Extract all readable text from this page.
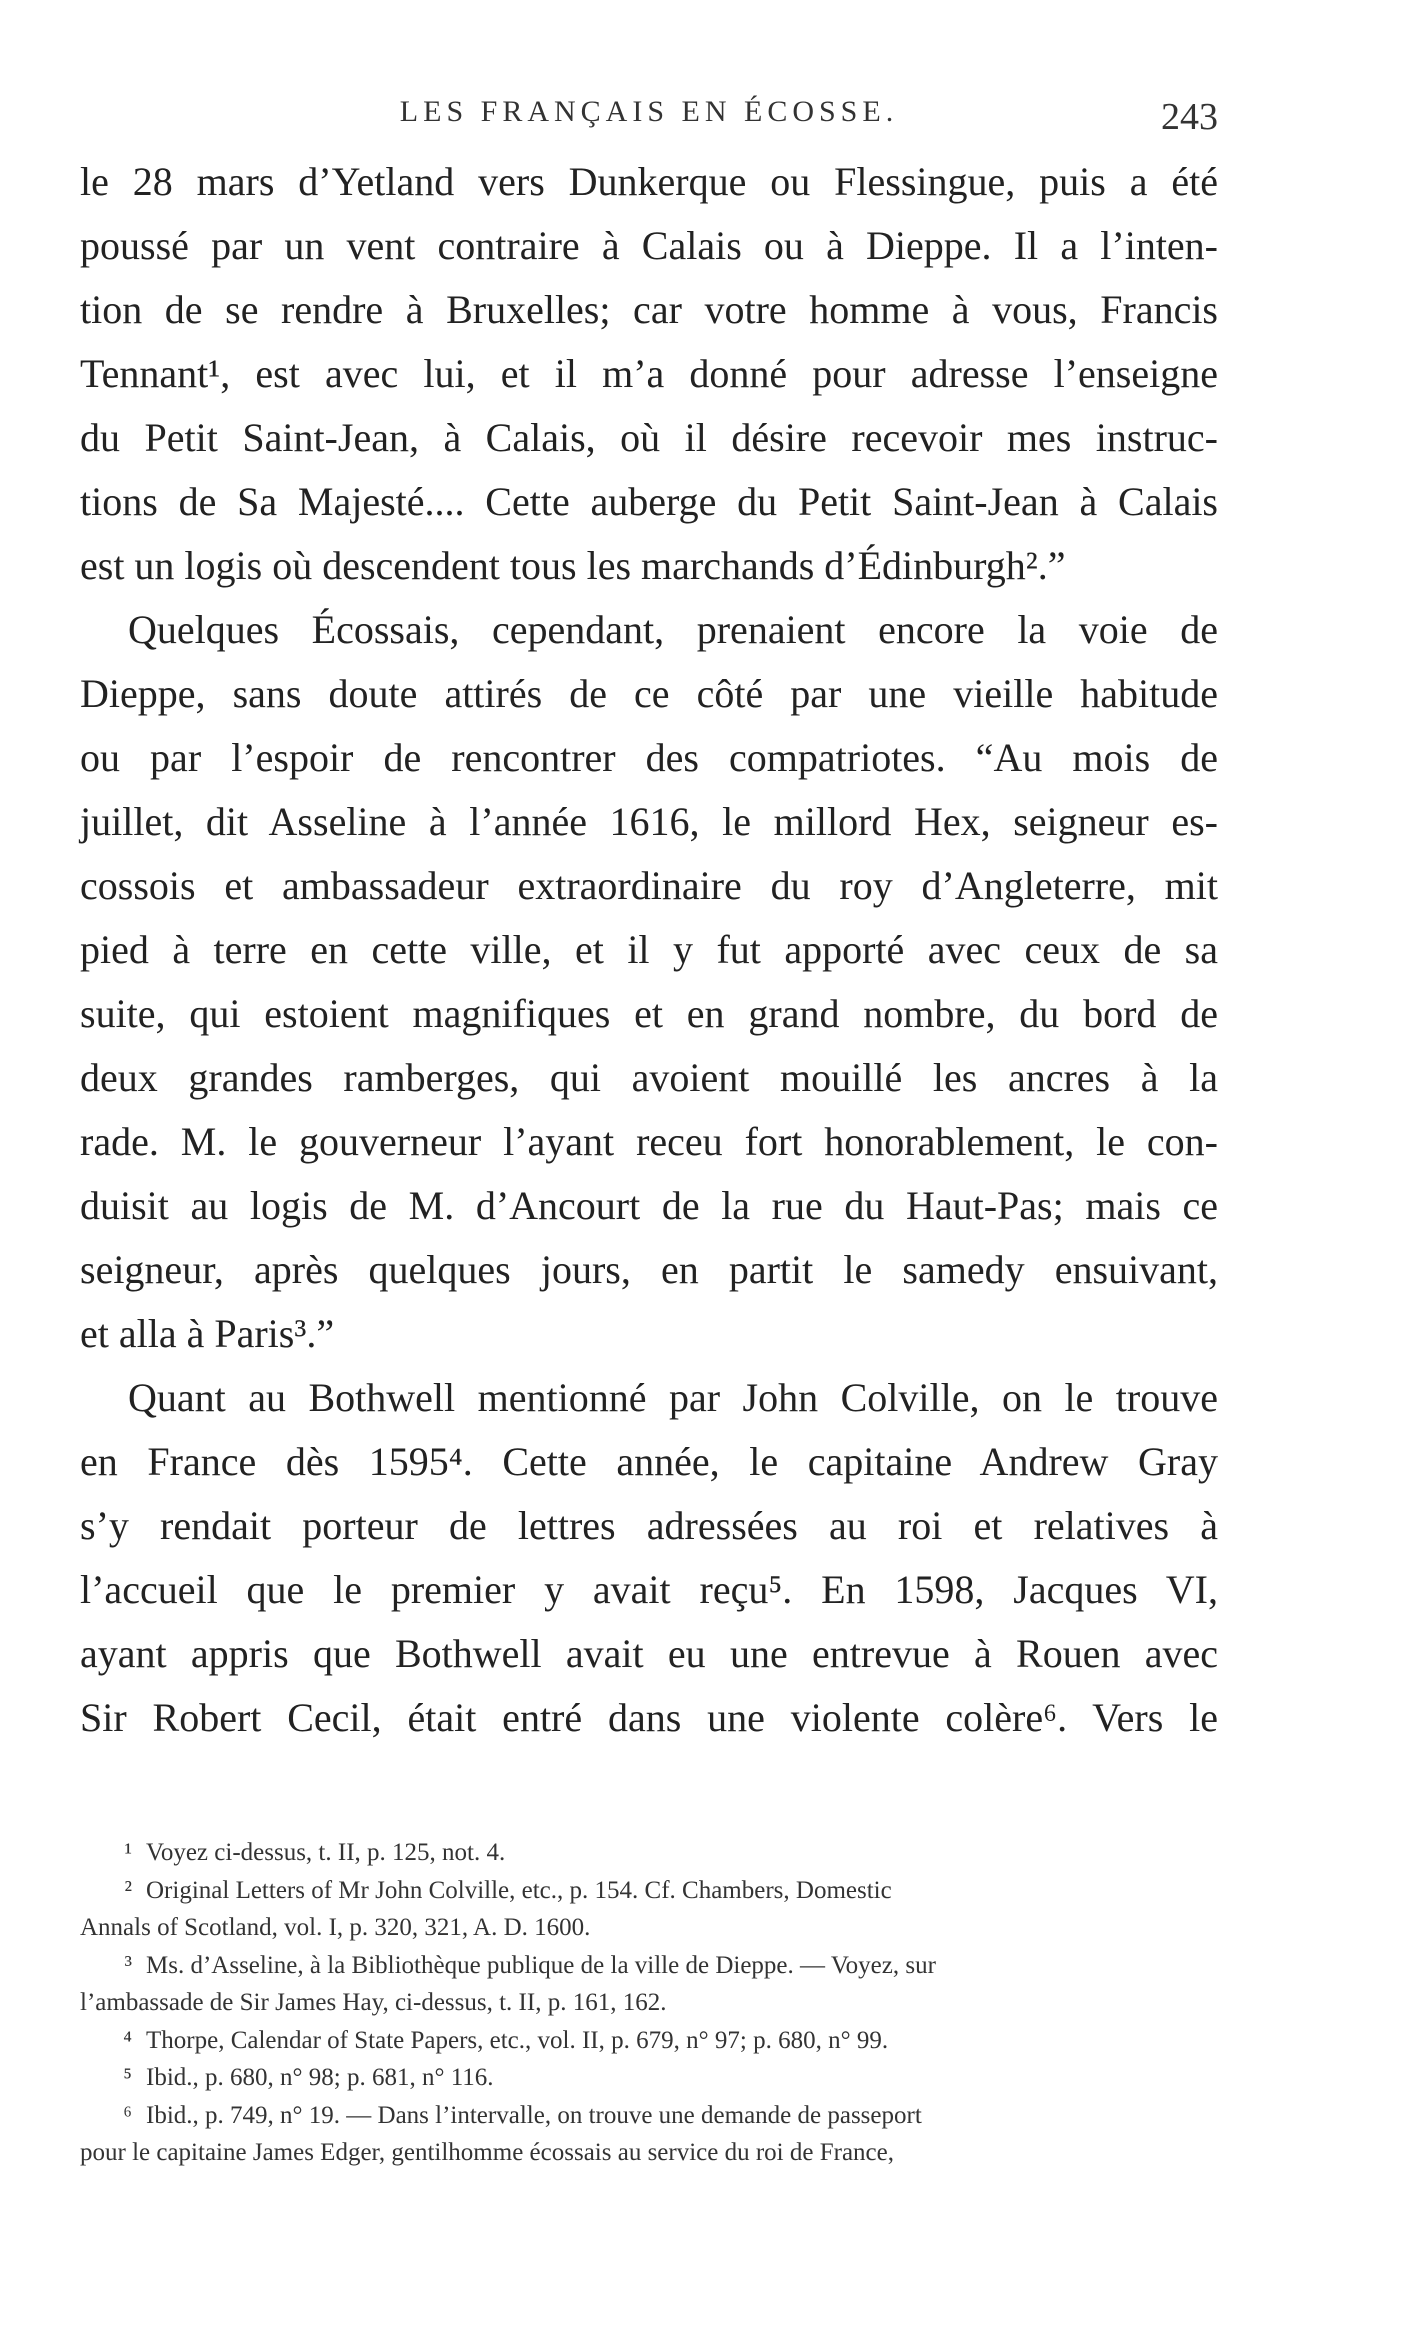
LES FRANÇAIS EN ÉCOSSE.	243
le 28 mars d’Yetland vers Dunkerque ou Flessingue, puis a été
poussé par un vent contraire à Calais ou à Dieppe. Il a l’inten-
tion de se rendre à Bruxelles; car votre homme à vous, Francis
Tennant¹, est avec lui, et il m’a donné pour adresse l’enseigne
du Petit Saint-Jean, à Calais, où il désire recevoir mes instruc-
tions de Sa Majesté.... Cette auberge du Petit Saint-Jean à Calais
est un logis où descendent tous les marchands d’Édinburgh².”
Quelques Écossais, cependant, prenaient encore la voie de
Dieppe, sans doute attirés de ce côté par une vieille habitude
ou par l’espoir de rencontrer des compatriotes. “Au mois de
juillet, dit Asseline à l’année 1616, le millord Hex, seigneur es-
cossois et ambassadeur extraordinaire du roy d’Angleterre, mit
pied à terre en cette ville, et il y fut apporté avec ceux de sa
suite, qui estoient magnifiques et en grand nombre, du bord de
deux grandes ramberges, qui avoient mouillé les ancres à la
rade. M. le gouverneur l’ayant receu fort honorablement, le con-
duisit au logis de M. d’Ancourt de la rue du Haut-Pas; mais ce
seigneur, après quelques jours, en partit le samedy ensuivant,
et alla à Paris³.”
Quant au Bothwell mentionné par John Colville, on le trouve
en France dès 1595⁴. Cette année, le capitaine Andrew Gray
s’y rendait porteur de lettres adressées au roi et relatives à
l’accueil que le premier y avait reçu⁵. En 1598, Jacques VI,
ayant appris que Bothwell avait eu une entrevue à Rouen avec
Sir Robert Cecil, était entré dans une violente colère⁶. Vers le
¹ Voyez ci-dessus, t. II, p. 125, not. 4.
² Original Letters of Mr John Colville, etc., p. 154. Cf. Chambers, Domestic
Annals of Scotland, vol. I, p. 320, 321, A. D. 1600.
³ Ms. d’Asseline, à la Bibliothèque publique de la ville de Dieppe. — Voyez, sur
l’ambassade de Sir James Hay, ci-dessus, t. II, p. 161, 162.
⁴ Thorpe, Calendar of State Papers, etc., vol. II, p. 679, n° 97; p. 680, n° 99.
⁵ Ibid., p. 680, n° 98; p. 681, n° 116.
⁶ Ibid., p. 749, n° 19. — Dans l’intervalle, on trouve une demande de passeport
pour le capitaine James Edger, gentilhomme écossais au service du roi de France,
